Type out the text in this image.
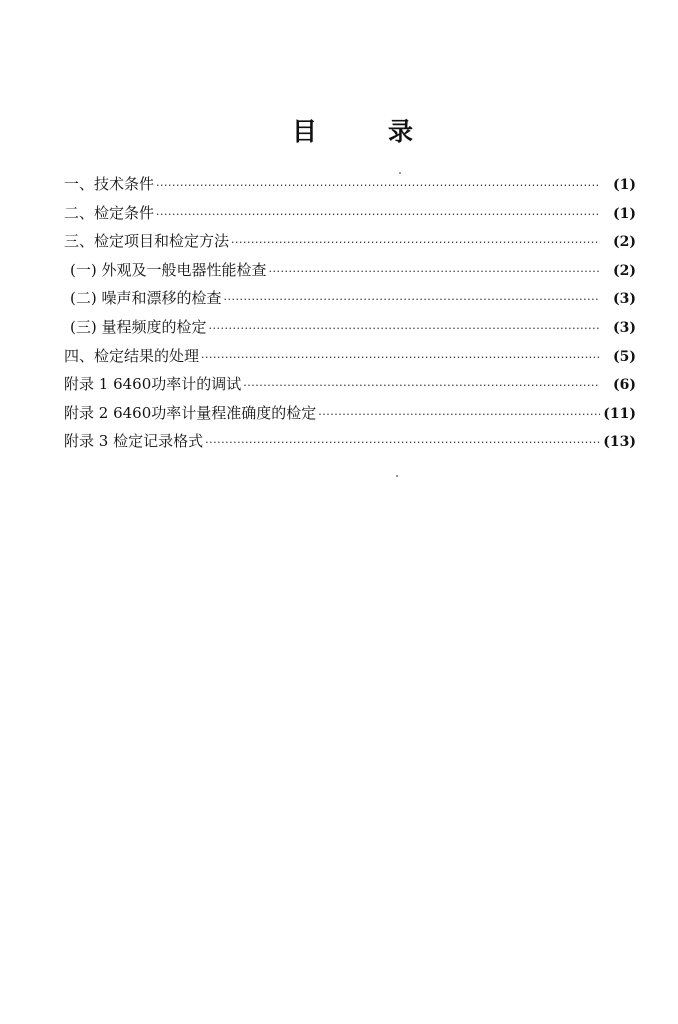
目	录
一、技术条件 ·····	(1)
二、检定条件 ·····	(1)
三、检定项目和检定方法 ·····	(2)
(一) 外观及一般电器性能检查 ·····	(2)
(二) 噪声和漂移的检查 ·····	(3)
(三) 量程频度的检定 ·····	(3)
四、检定结果的处理 ·····	(5)
附录 1 6460功率计的调试 ·····	(6)
附录 2 6460功率计量程准确度的检定 ·····	(11)
附录 3 检定记录格式 ·····	(13)
